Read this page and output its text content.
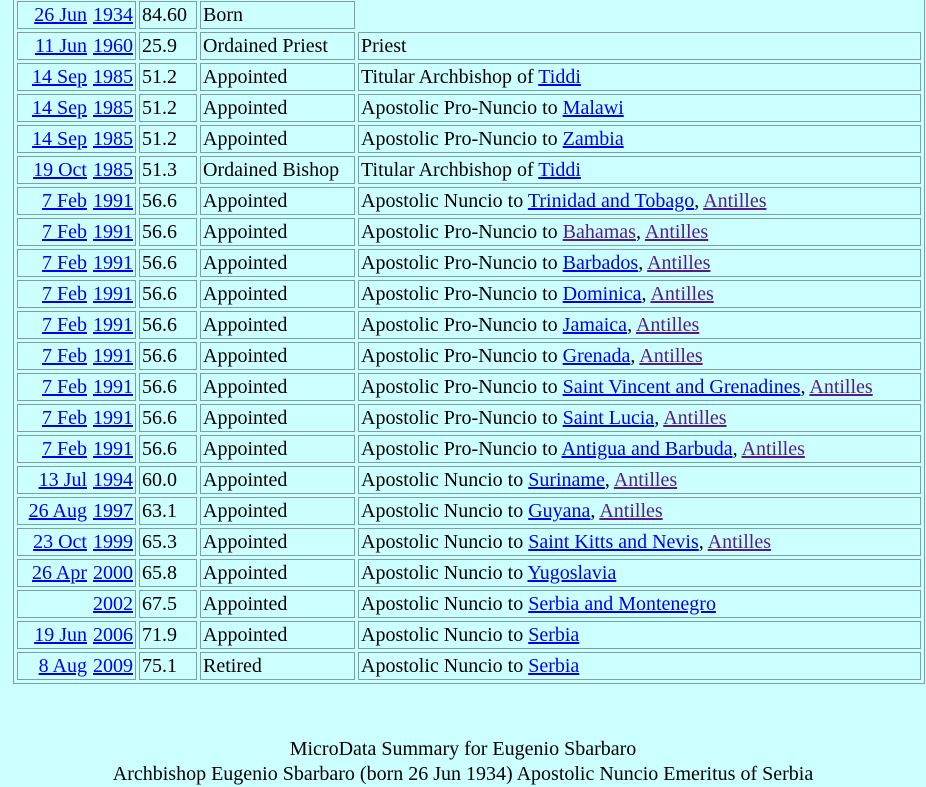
26 Jun 1934	84.60	Born	
11 Jun 1960	25.9	Ordained Priest	Priest
14 Sep 1985	51.2	Appointed	Titular Archbishop of Tiddi
14 Sep 1985	51.2	Appointed	Apostolic Pro-Nuncio to Malawi
14 Sep 1985	51.2	Appointed	Apostolic Pro-Nuncio to Zambia
19 Oct 1985	51.3	Ordained Bishop	Titular Archbishop of Tiddi
7 Feb 1991	56.6	Appointed	Apostolic Nuncio to Trinidad and Tobago, Antilles
7 Feb 1991	56.6	Appointed	Apostolic Pro-Nuncio to Bahamas, Antilles
7 Feb 1991	56.6	Appointed	Apostolic Pro-Nuncio to Barbados, Antilles
7 Feb 1991	56.6	Appointed	Apostolic Pro-Nuncio to Dominica, Antilles
7 Feb 1991	56.6	Appointed	Apostolic Pro-Nuncio to Jamaica, Antilles
7 Feb 1991	56.6	Appointed	Apostolic Pro-Nuncio to Grenada, Antilles
7 Feb 1991	56.6	Appointed	Apostolic Pro-Nuncio to Saint Vincent and Grenadines, Antilles
7 Feb 1991	56.6	Appointed	Apostolic Pro-Nuncio to Saint Lucia, Antilles
7 Feb 1991	56.6	Appointed	Apostolic Pro-Nuncio to Antigua and Barbuda, Antilles
13 Jul 1994	60.0	Appointed	Apostolic Nuncio to Suriname, Antilles
26 Aug 1997	63.1	Appointed	Apostolic Nuncio to Guyana, Antilles
23 Oct 1999	65.3	Appointed	Apostolic Nuncio to Saint Kitts and Nevis, Antilles
26 Apr 2000	65.8	Appointed	Apostolic Nuncio to Yugoslavia
2002	67.5	Appointed	Apostolic Nuncio to Serbia and Montenegro
19 Jun 2006	71.9	Appointed	Apostolic Nuncio to Serbia
8 Aug 2009	75.1	Retired	Apostolic Nuncio to Serbia
MicroData Summary for Eugenio Sbarbaro
Archbishop Eugenio Sbarbaro (born 26 Jun 1934) Apostolic Nuncio Emeritus of Serbia
